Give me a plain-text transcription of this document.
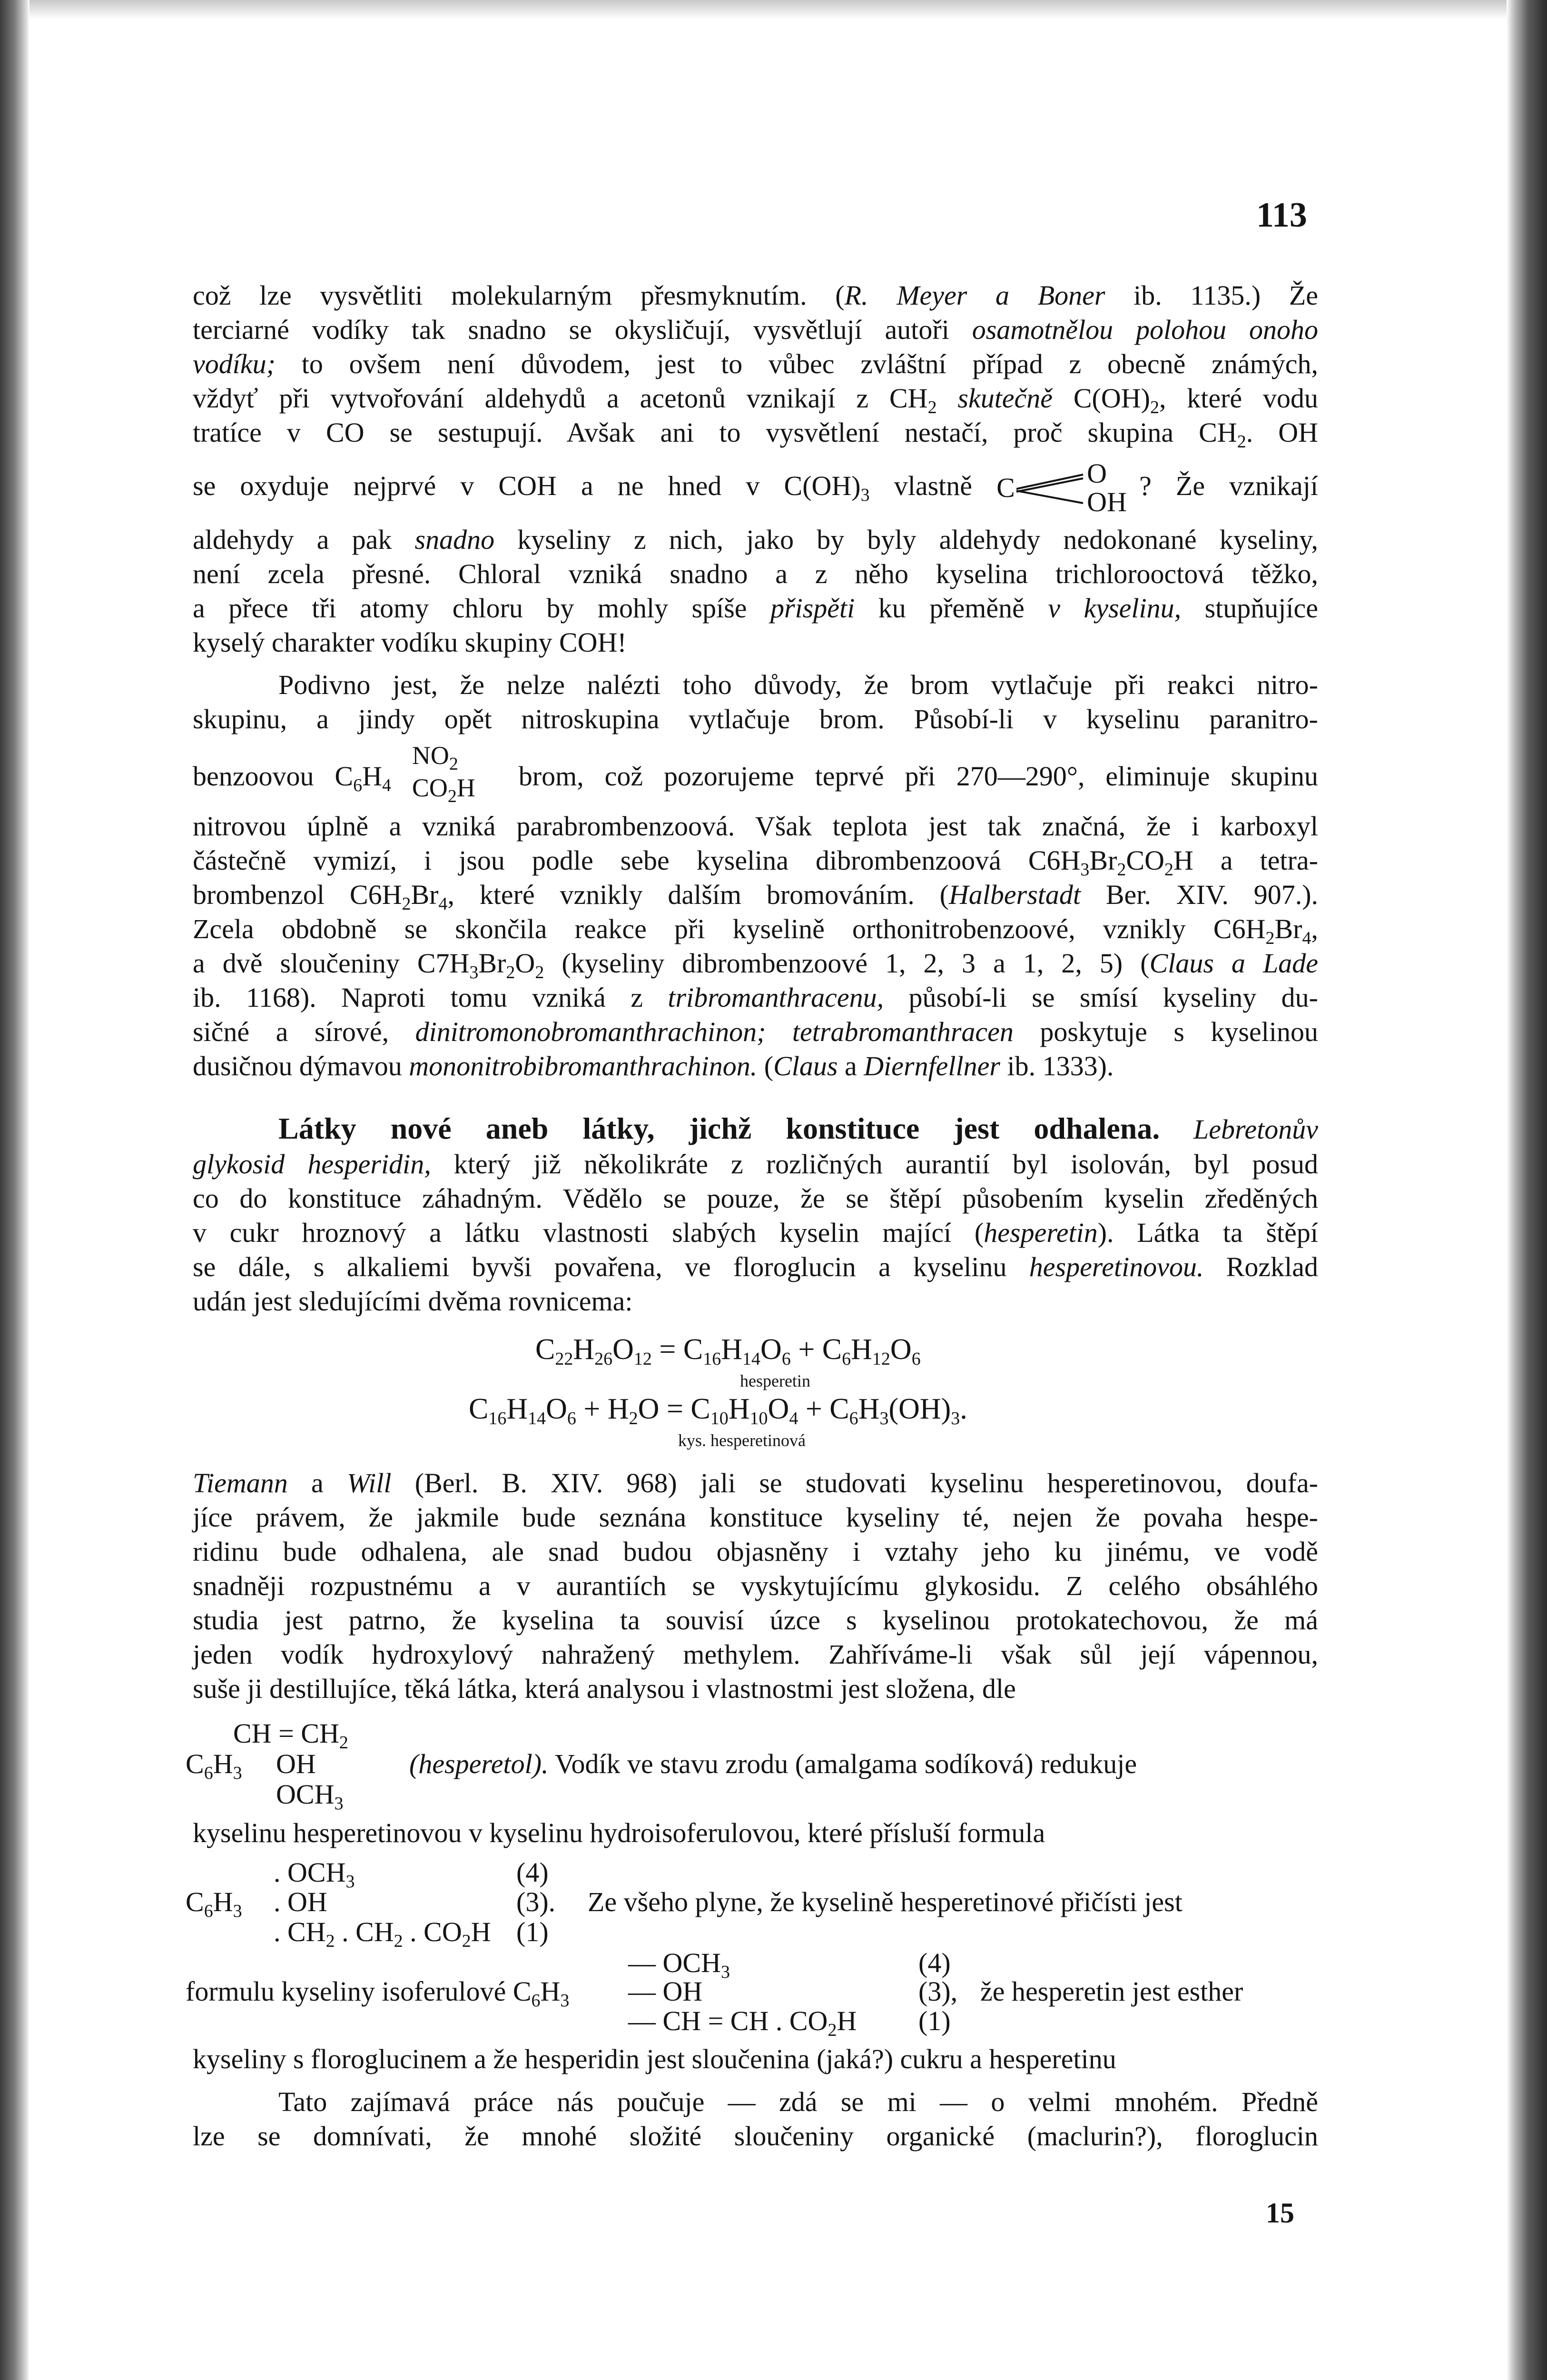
113
což lze vysvětliti molekularným přesmyknutím. (R. Meyer a Boner ib. 1135.) Že
terciarné vodíky tak snadno se okysličují, vysvětlují autoři osamotnělou polohou onoho
vodíku; to ovšem není důvodem, jest to vůbec zvláštní případ z obecně známých,
vždyť při vytvořování aldehydů a acetonů vznikají z $CH_2$ skutečně $C(OH)_2$, které vodu
tratíce v CO se sestupují. Avšak ani to vysvětlení nestačí, proč skupina $CH_2$. OH
se oxyduje nejprvé v COH a ne hned v $C(OH)_3$ vlastně C	O
OH
? Že vznikají
aldehydy a pak snadno kyseliny z nich, jako by byly aldehydy nedokonané kyseliny,
není zcela přesné. Chloral vzniká snadno a z něho kyselina trichlorooctová těžko,
a přece tři atomy chloru by mohly spíše přispěti ku přeměně v kyselinu, stupňujíce
kyselý charakter vodíku skupiny COH!
Podivno jest, že nelze nalézti toho důvody, že brom vytlačuje při reakci nitro-
skupinu, a jindy opět nitroskupina vytlačuje brom. Působí-li v kyselinu paranitro-
benzoovou $C_6H_4$
$NO_2$
$CO_2H$ brom, což pozorujeme teprvé při 270—290°, eliminuje skupinu
nitrovou úplně a vzniká parabrombenzoová. Však teplota jest tak značná, že i karboxyl
částečně vymizí, i jsou podle sebe kyselina dibrombenzoová $C6H_3Br_2CO_2H$ a tetra-
brombenzol $C6H_2Br_4$, které vznikly dalším bromováním. (Halberstadt Ber. XIV. 907.).
Zcela obdobně se skončila reakce při kyselině orthonitrobenzoové, vznikly $C6H_2Br_4$,
a dvě sloučeniny $C7H_3Br_2O_2$ (kyseliny dibrombenzoové 1, 2, 3 a 1, 2, 5) (Claus a Lade
ib. 1168). Naproti tomu vzniká z tribromanthracenu, působí-li se smísí kyseliny du-
sičné a sírové, dinitromonobromanthrachinon; tetrabromanthracen poskytuje s kyselinou
dusičnou dýmavou mononitrobibromanthrachinon. (Claus a Diernfellner ib. 1333).
Látky nové aneb látky, jichž konstituce jest odhalena. Lebretonův
glykosid hesperidin, který již několikráte z rozličných aurantií byl isolován, byl posud
co do konstituce záhadným. Vědělo se pouze, že se štěpí působením kyselin zředěných
v cukr hroznový a látku vlastnosti slabých kyselin mající (hesperetin). Látka ta štěpí
se dále, s alkaliemi byvši povařena, ve floroglucin a kyselinu hesperetinovou. Rozklad
udán jest sledujícími dvěma rovnicema:
$C_{22}H_{26}O_{12} = C_{16}H_{14}O_6 + C_6H_{12}O_6$
hesperetin
$C_{16}H_{14}O_6 + H_2O = C_{10}H_{10}O_4 + C_6H_3(OH)_3$.
kys. hesperetinová
Tiemann a Will (Berl. B. XIV. 968) jali se studovati kyselinu hesperetinovou, doufa-
jíce právem, že jakmile bude seznána konstituce kyseliny té, nejen že povaha hespe-
ridinu bude odhalena, ale snad budou objasněny i vztahy jeho ku jinému, ve vodě
snadněji rozpustnému a v aurantiích se vyskytujícímu glykosidu. Z celého obsáhlého
studia jest patrno, že kyselina ta souvisí úzce s kyselinou protokatechovou, že má
jeden vodík hydroxylový nahražený methylem. Zahříváme-li však sůl její vápennou,
suše ji destillujíce, těká látka, která analysou i vlastnostmi jest složena, dle
CH = $CH_2$
$C_6H_3$ OH
$OCH_3$
(hesperetol). Vodík ve stavu zrodu (amalgama sodíková) redukuje
kyselinu hesperetinovou v kyselinu hydroisoferulovou, které přísluší formula
. $OCH_3$	(4)
$C_6H_3$ . OH	(3). Ze všeho plyne, že kyselině hesperetinové přičísti jest
. $CH_2$ . $CH_2$ . $CO_2H$ (1)
— $OCH_3$	(4)
formulu kyseliny isoferulové $C_6H_3$ — OH	(3), že hesperetin jest esther
— CH = CH . $CO_2H$ (1)
kyseliny s floroglucinem a že hesperidin jest sloučenina (jaká?) cukru a hesperetinu
Tato zajímavá práce nás poučuje — zdá se mi — o velmi mnohém. Předně
lze se domnívati, že mnohé složité sloučeniny organické (maclurin?), floroglucin
15
